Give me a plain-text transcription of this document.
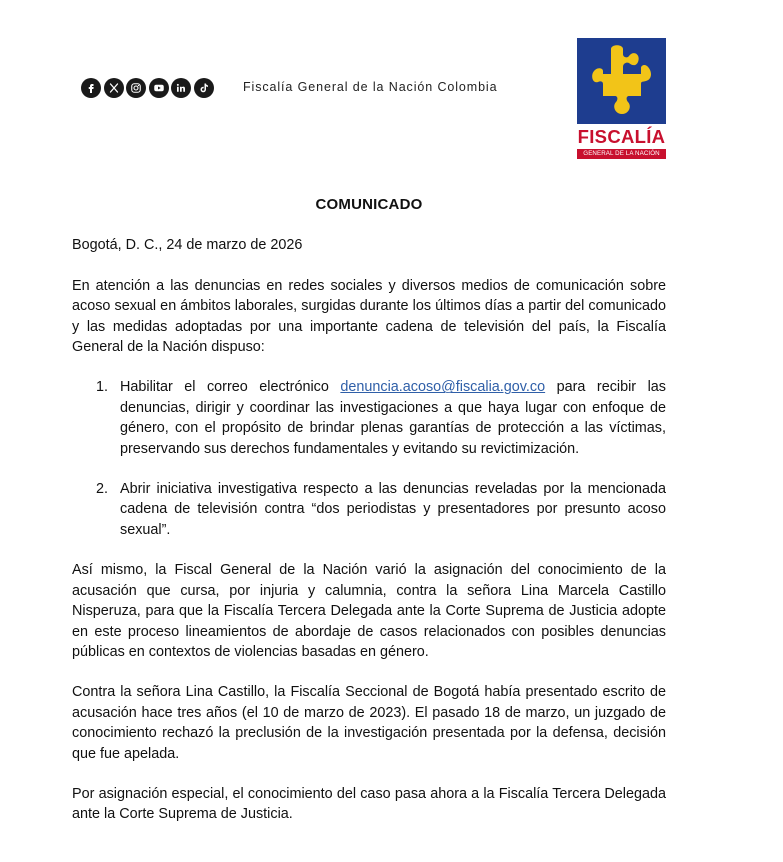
Fiscalía General de la Nación Colombia
FISCALÍA
GENERAL DE LA NACIÓN
COMUNICADO
Bogotá, D. C., 24 de marzo de 2026
En atención a las denuncias en redes sociales y diversos medios de comunicación sobre acoso sexual en ámbitos laborales, surgidas durante los últimos días a partir del comunicado y las medidas adoptadas por una importante cadena de televisión del país, la Fiscalía General de la Nación dispuso:
1. Habilitar el correo electrónico denuncia.acoso@fiscalia.gov.co para recibir las denuncias, dirigir y coordinar las investigaciones a que haya lugar con enfoque de género, con el propósito de brindar plenas garantías de protección a las víctimas, preservando sus derechos fundamentales y evitando su revictimización.
2. Abrir iniciativa investigativa respecto a las denuncias reveladas por la mencionada cadena de televisión contra “dos periodistas y presentadores por presunto acoso sexual”.
Así mismo, la Fiscal General de la Nación varió la asignación del conocimiento de la acusación que cursa, por injuria y calumnia, contra la señora Lina Marcela Castillo Nisperuza, para que la Fiscalía Tercera Delegada ante la Corte Suprema de Justicia adopte en este proceso lineamientos de abordaje de casos relacionados con posibles denuncias públicas en contextos de violencias basadas en género.
Contra la señora Lina Castillo, la Fiscalía Seccional de Bogotá había presentado escrito de acusación hace tres años (el 10 de marzo de 2023). El pasado 18 de marzo, un juzgado de conocimiento rechazó la preclusión de la investigación presentada por la defensa, decisión que fue apelada.
Por asignación especial, el conocimiento del caso pasa ahora a la Fiscalía Tercera Delegada ante la Corte Suprema de Justicia.
